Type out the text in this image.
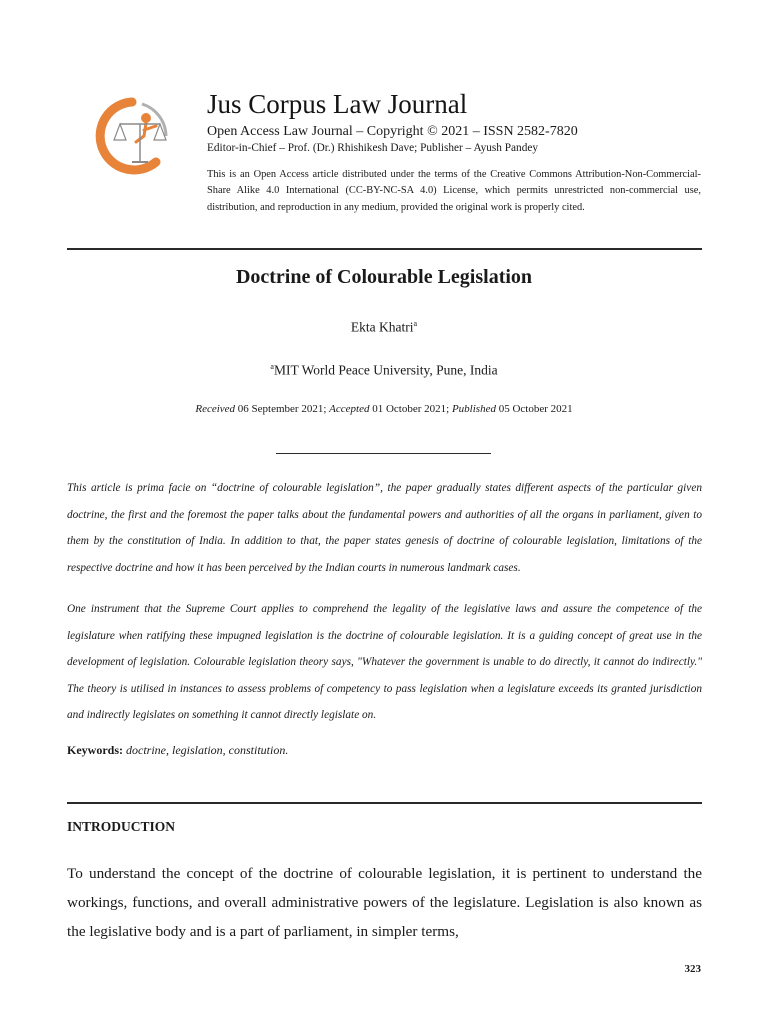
Jus Corpus Law Journal
Open Access Law Journal – Copyright © 2021 – ISSN 2582-7820
Editor-in-Chief – Prof. (Dr.) Rhishikesh Dave; Publisher – Ayush Pandey
This is an Open Access article distributed under the terms of the Creative Commons Attribution-Non-Commercial-Share Alike 4.0 International (CC-BY-NC-SA 4.0) License, which permits unrestricted non-commercial use, distribution, and reproduction in any medium, provided the original work is properly cited.
Doctrine of Colourable Legislation
Ekta Khatri$^a$
$^a$MIT World Peace University, Pune, India
Received 06 September 2021; Accepted 01 October 2021; Published 05 October 2021
This article is prima facie on “doctrine of colourable legislation”, the paper gradually states different aspects of the particular given doctrine, the first and the foremost the paper talks about the fundamental powers and authorities of all the organs in parliament, given to them by the constitution of India. In addition to that, the paper states genesis of doctrine of colourable legislation, limitations of the respective doctrine and how it has been perceived by the Indian courts in numerous landmark cases.
One instrument that the Supreme Court applies to comprehend the legality of the legislative laws and assure the competence of the legislature when ratifying these impugned legislation is the doctrine of colourable legislation. It is a guiding concept of great use in the development of legislation. Colourable legislation theory says, "Whatever the government is unable to do directly, it cannot do indirectly." The theory is utilised in instances to assess problems of competency to pass legislation when a legislature exceeds its granted jurisdiction and indirectly legislates on something it cannot directly legislate on.
Keywords: doctrine, legislation, constitution.
INTRODUCTION
To understand the concept of the doctrine of colourable legislation, it is pertinent to understand the workings, functions, and overall administrative powers of the legislature. Legislation is also known as the legislative body and is a part of parliament, in simpler terms,
323
